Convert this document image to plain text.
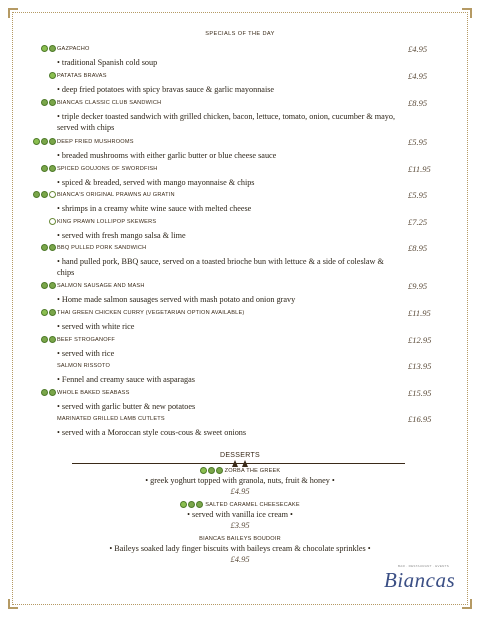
SPECIALS OF THE DAY
GAZPACHO	£4.95
• traditional Spanish cold soup
PATATAS BRAVAS	£4.95
• deep fried potatoes with spicy bravas sauce & garlic mayonnaise
BIANCAS CLASSIC CLUB SANDWICH	£8.95
• triple decker toasted sandwich with grilled chicken, bacon, lettuce, tomato, onion, cucumber & mayo, served with chips
DEEP FRIED MUSHROOMS	£5.95
• breaded mushrooms with either garlic butter or blue cheese sauce
SPICED GOUJONS OF SWORDFISH	£11.95
• spiced & breaded, served with mango mayonnaise & chips
BIANCA'S ORIGINAL PRAWNS AU GRATIN	£5.95
• shrimps in a creamy white wine sauce with melted cheese
KING PRAWN LOLLIPOP SKEWERS	£7.25
• served with fresh mango salsa & lime
BBQ PULLED PORK SANDWICH	£8.95
• hand pulled pork, BBQ sauce, served on a toasted brioche bun with lettuce & a side of coleslaw & chips
SALMON SAUSAGE AND MASH	£9.95
• Home made salmon sausages served with mash potato and onion gravy
THAI GREEN CHICKEN CURRY (VEGETARIAN OPTION AVAILABLE)	£11.95
• served with white rice
BEEF STROGANOFF	£12.95
• served with rice
SALMON RISSOTO	£13.95
• Fennel and creamy sauce with asparagas
WHOLE BAKED SEABASS	£15.95
• served with garlic butter & new potatoes
MARINATED GRILLED LAMB CUTLETS	£16.95
• served with a Moroccan style cous-cous & sweet onions
DESSERTS
ZORBA THE GREEK
• greek yoghurt topped with granola, nuts, fruit & honey •
£4.95
SALTED CARAMEL CHEESECAKE
• served with vanilla ice cream •
£3.95
BIANCAS BAILEYS BOUDOIR
• Baileys soaked lady finger biscuits with baileys cream & chocolate sprinkles •
£4.95
BAR · RESTAURANT · EVENTS
Biancas
